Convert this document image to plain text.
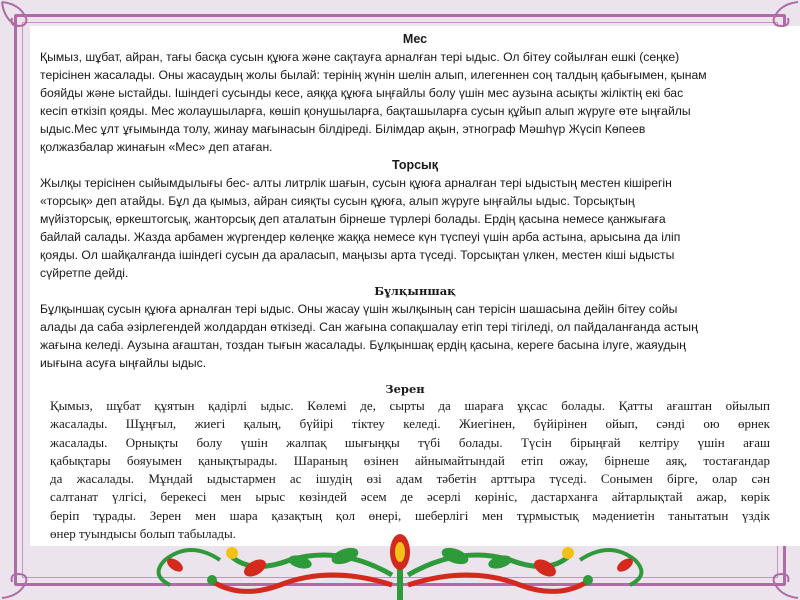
Мес
Қымыз, шұбат, айран, тағы басқа сусын құюға және сақтауға арналған тері ыдыс. Ол бітеу сойылған ешкі (сеңке)
терісінен жасалады. Оны жасаудың жолы былай: терінің жүнін шелін алып, илегеннен соң талдың қабығымен, қынам
бояйды және ыстайды. Ішіндегі сусынды кесе, аяққа құюға ыңғайлы болу үшін мес аузына асықты жіліктің екі бас
кесіп өткізіп қояды. Мес жолаушыларға, көшіп қонушыларға, бақташыларға сусын құйып алып жүруге өте ыңғайлы
ыдыс.Мес ұлт ұғымында толу, жинау мағынасын білдіреді. Білімдар ақын, этнограф Мәшһүр Жүсіп Көпеев
қолжазбалар жинағын «Мес» деп атаған.
Торсық
Жылқы терісінен сыйымдылығы бес- алты литрлік шағын, сусын құюға арналған тері ыдыстың местен кішірегін
«торсық» деп атайды. Бұл да қымыз, айран сияқты сусын құюға, алып жүруге ыңғайлы ыдыс. Торсықтың
мүйізторсық, өркештorсық, жанторсық деп аталатын бірнеше түрлері болады. Ердің қасына немесе қанжығаға
байлай салады. Жазда арбамен жүргендер көлеңке жаққа немесе күн түспеуі үшін арба астына, арысына да іліп
қояды. Ол шайқалғанда ішіндегі сусын да араласып, маңызы арта түседі. Торсықтан үлкен, местен кіші ыдысты
сүйретпе дейді.
Бұлқыншақ
Бұлқыншақ сусын құюға арналған тері ыдыс. Оны жасау үшін жылқының сан терісін шашасына дейін бітеу сойы
алады да саба әзірлегендей жолдардан өткізеді. Сан жағына сопақшалау етіп тері тігіледі, ол пайдаланғанда астың
жағына келеді. Аузына ағаштан, тоздан тығын жасалады. Бұлқыншақ ердің қасына, кереге басына ілуге, жаяудың
иығына асуға ыңғайлы ыдыс.
Зерен
Қымыз, шұбат құятын қадірлі ыдыс. Көлемі де, сырты да шараға ұқсас болады. Қатты ағаштан ойылып
жасалады. Шұңғыл, жиегі қалың, бүйірі тіктеу келеді. Жиегінен, бүйірінен ойып, сәнді ою өрнек
жасалады. Орнықты болу үшін жалпақ шығыңқы түбі болады. Түсін бірыңғай келтіру үшін ағаш
қабықтары бояуымен қанықтырады. Шараның өзінен айнымайтындай етіп ожау, бірнеше аяқ, тостағандар
да жасалады. Мұндай ыдыстармен ас ішудің өзі адам тәбетін арттыра түседі. Сонымен бірге, олар сән
салтанат үлгісі, берекесі мен ырыс көзіндей әсем де әсерлі көрініс, дастарханға айтарлықтай ажар, көрік
беріп тұрады. Зерен мен шара қазақтың қол өнері, шеберлігі мен тұрмыстық мәдениетін танытатын үздік
өнер туындысы болып табылады.
